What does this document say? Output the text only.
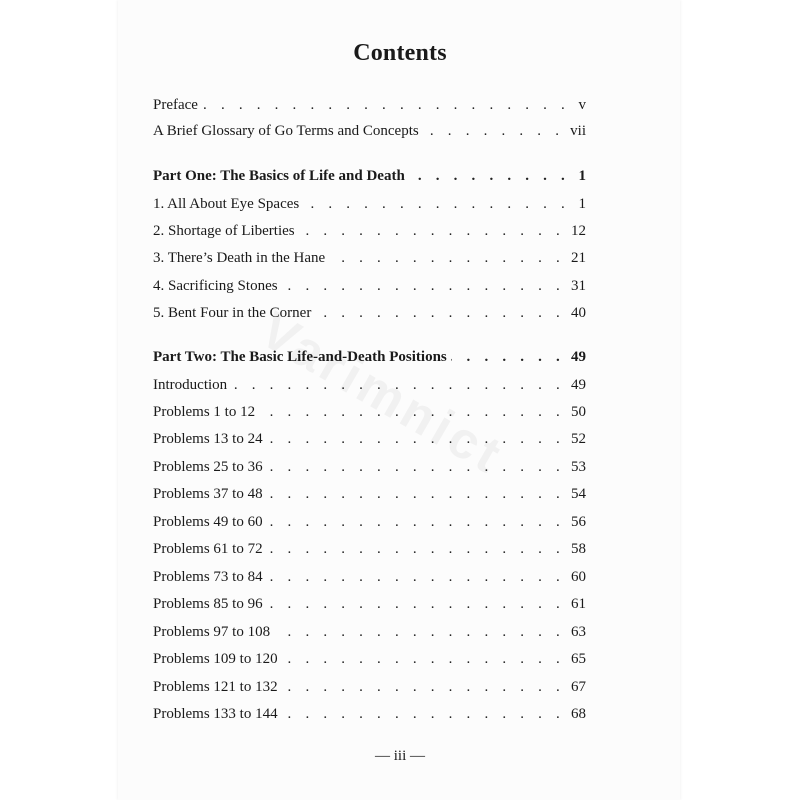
Contents
Preface . . .	v
A Brief Glossary of Go Terms and Concepts . . .	vii
Part One: The Basics of Life and Death . . .	1
1. All About Eye Spaces . . .	1
2. Shortage of Liberties . . .	12
3. There’s Death in the Hane . . .	21
4. Sacrificing Stones . . .	31
5. Bent Four in the Corner . . .	40
Part Two: The Basic Life-and-Death Positions . . .	49
Introduction . . .	49
Problems 1 to 12 . . .	50
Problems 13 to 24 . . .	52
Problems 25 to 36 . . .	53
Problems 37 to 48 . . .	54
Problems 49 to 60 . . .	56
Problems 61 to 72 . . .	58
Problems 73 to 84 . . .	60
Problems 85 to 96 . . .	61
Problems 97 to 108 . . .	63
Problems 109 to 120 . . .	65
Problems 121 to 132 . . .	67
Problems 133 to 144 . . .	68
— iii —
